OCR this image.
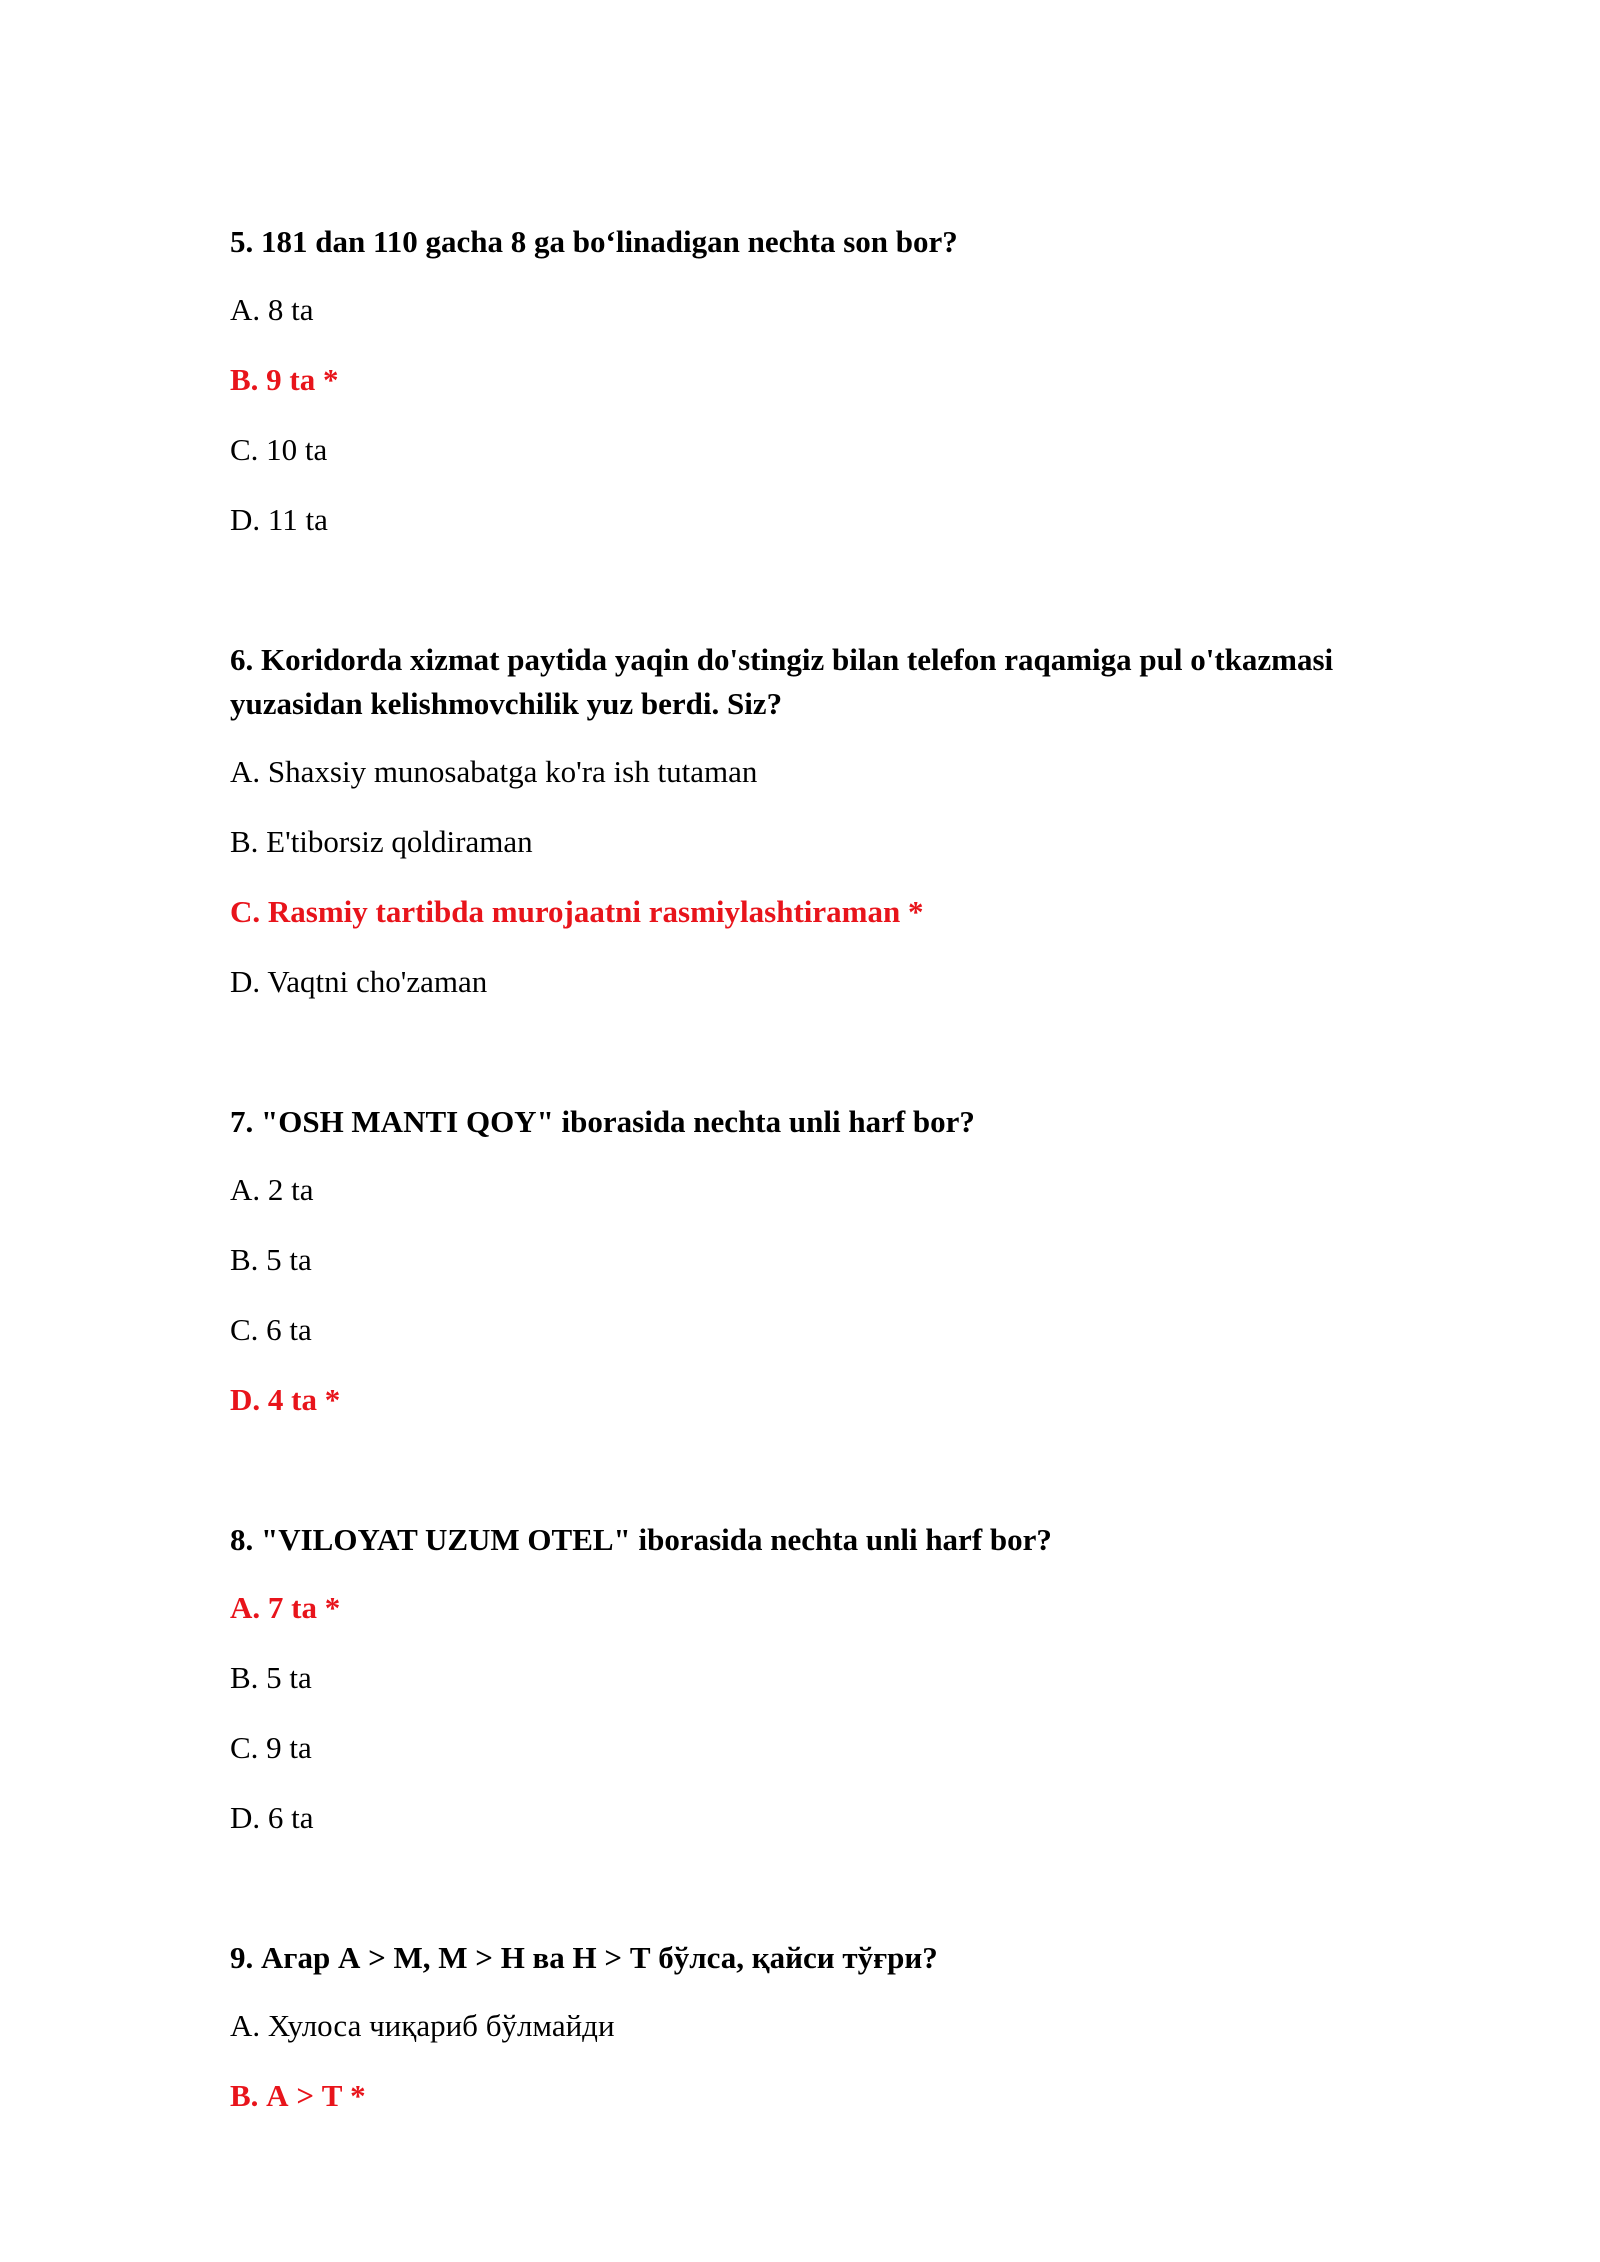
5. 181 dan 110 gacha 8 ga bo‘linadigan nechta son bor?

A. 8 ta

B. 9 ta *

C. 10 ta

D. 11 ta

6. Koridorda xizmat paytida yaqin do'stingiz bilan telefon raqamiga pul o'tkazmasi yuzasidan kelishmovchilik yuz berdi. Siz?

A. Shaxsiy munosabatga ko'ra ish tutaman

B. E'tiborsiz qoldiraman

C. Rasmiy tartibda murojaatni rasmiylashtiraman *

D. Vaqtni cho'zaman

7. "OSH MANTI QOY" iborasida nechta unli harf bor?

A. 2 ta

B. 5 ta

C. 6 ta

D. 4 ta *

8. "VILOYAT UZUM OTEL" iborasida nechta unli harf bor?

A. 7 ta *

B. 5 ta

C. 9 ta

D. 6 ta

9. Агар А > М, М > Н ва Н > Т бўлса, қайси тўғри?

А. Хулоса чиқариб бўлмайди

B. А > Т *
